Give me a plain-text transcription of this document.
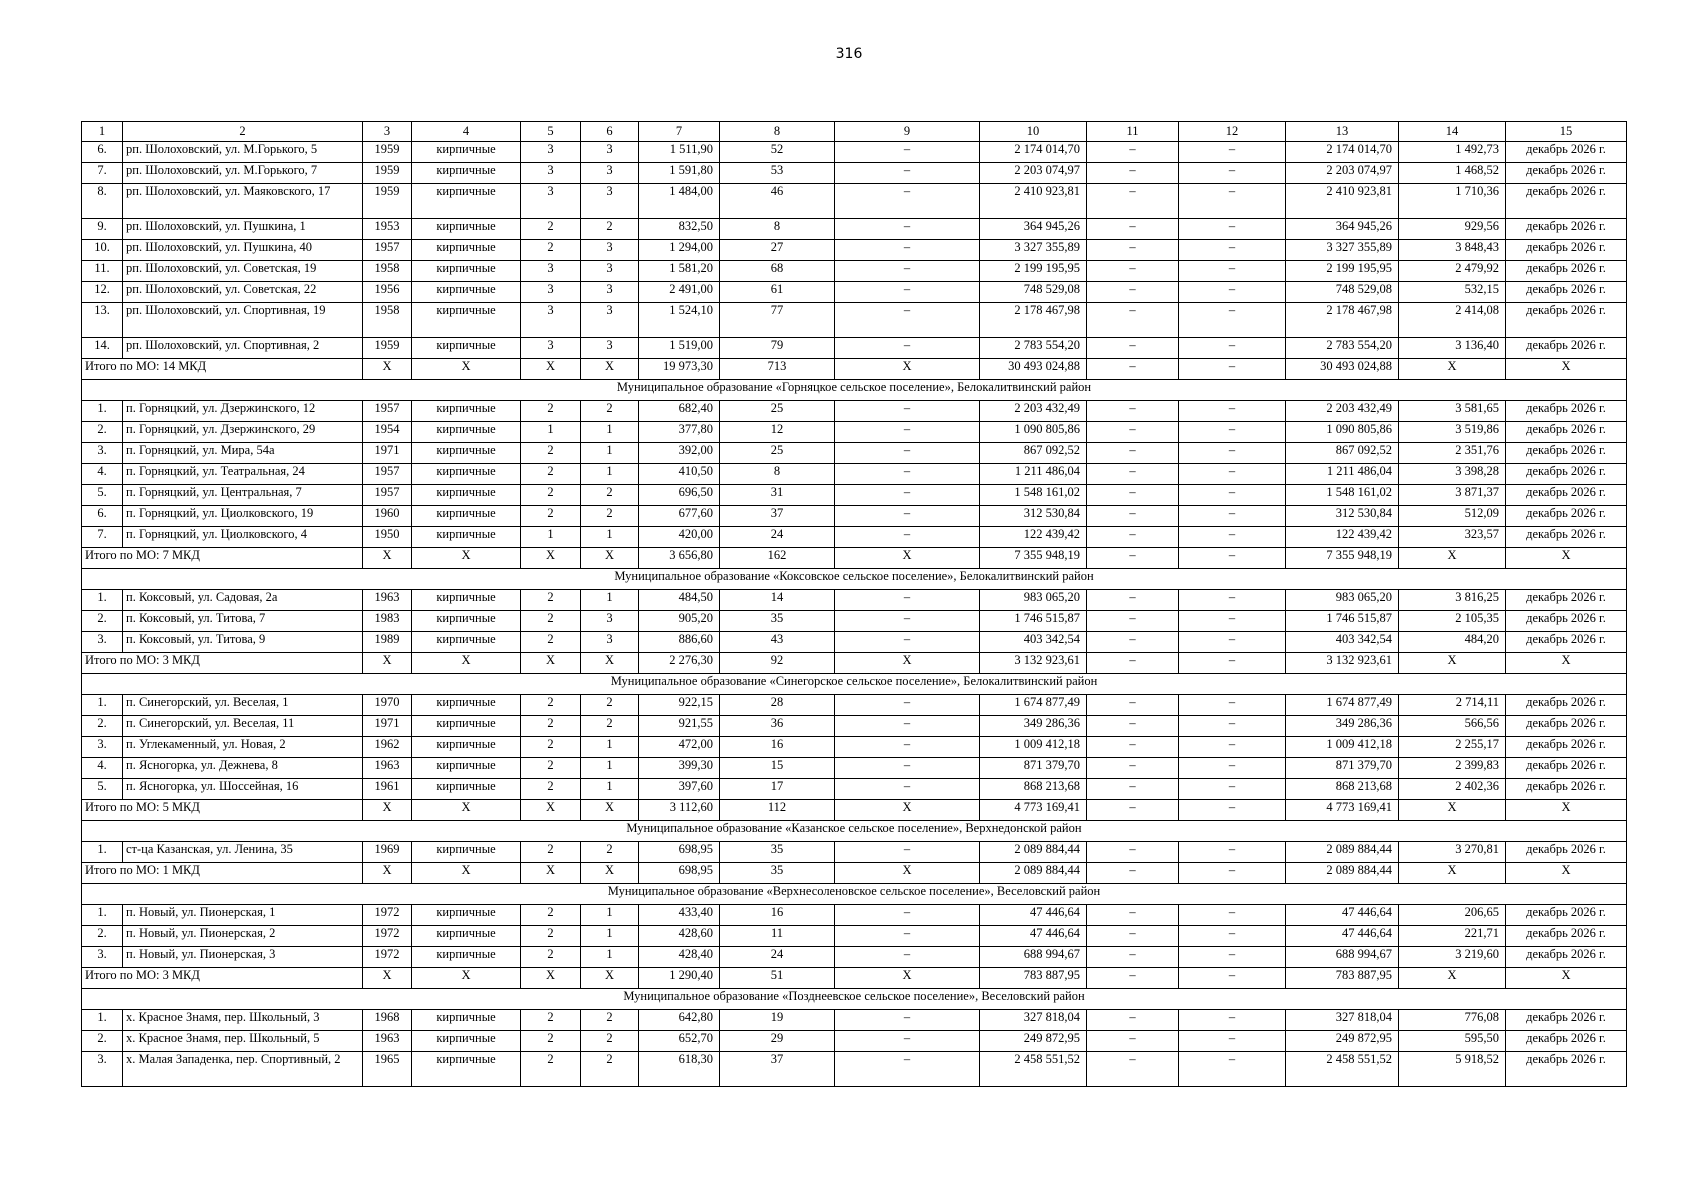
316
1	2	3	4	5	6	7	8	9	10	11	12	13	14	15
6.	рп. Шолоховский, ул. М.Горького, 5	1959	кирпичные	3	3	1 511,90	52	–	2 174 014,70	–	–	2 174 014,70	1 492,73	декабрь 2026 г.
7.	рп. Шолоховский, ул. М.Горького, 7	1959	кирпичные	3	3	1 591,80	53	–	2 203 074,97	–	–	2 203 074,97	1 468,52	декабрь 2026 г.
8.	рп. Шолоховский, ул. Маяковского, 17	1959	кирпичные	3	3	1 484,00	46	–	2 410 923,81	–	–	2 410 923,81	1 710,36	декабрь 2026 г.
9.	рп. Шолоховский, ул. Пушкина, 1	1953	кирпичные	2	2	832,50	8	–	364 945,26	–	–	364 945,26	929,56	декабрь 2026 г.
10.	рп. Шолоховский, ул. Пушкина, 40	1957	кирпичные	2	3	1 294,00	27	–	3 327 355,89	–	–	3 327 355,89	3 848,43	декабрь 2026 г.
11.	рп. Шолоховский, ул. Советская, 19	1958	кирпичные	3	3	1 581,20	68	–	2 199 195,95	–	–	2 199 195,95	2 479,92	декабрь 2026 г.
12.	рп. Шолоховский, ул. Советская, 22	1956	кирпичные	3	3	2 491,00	61	–	748 529,08	–	–	748 529,08	532,15	декабрь 2026 г.
13.	рп. Шолоховский, ул. Спортивная, 19	1958	кирпичные	3	3	1 524,10	77	–	2 178 467,98	–	–	2 178 467,98	2 414,08	декабрь 2026 г.
14.	рп. Шолоховский, ул. Спортивная, 2	1959	кирпичные	3	3	1 519,00	79	–	2 783 554,20	–	–	2 783 554,20	3 136,40	декабрь 2026 г.
Итого по МО: 14 МКД		X	X	X	X	19 973,30	713	X	30 493 024,88	–	–	30 493 024,88	X	X
Муниципальное образование «Горняцкое сельское поселение», Белокалитвинский район														
1.	п. Горняцкий, ул. Дзержинского, 12	1957	кирпичные	2	2	682,40	25	–	2 203 432,49	–	–	2 203 432,49	3 581,65	декабрь 2026 г.
2.	п. Горняцкий, ул. Дзержинского, 29	1954	кирпичные	1	1	377,80	12	–	1 090 805,86	–	–	1 090 805,86	3 519,86	декабрь 2026 г.
3.	п. Горняцкий, ул. Мира, 54а	1971	кирпичные	2	1	392,00	25	–	867 092,52	–	–	867 092,52	2 351,76	декабрь 2026 г.
4.	п. Горняцкий, ул. Театральная, 24	1957	кирпичные	2	1	410,50	8	–	1 211 486,04	–	–	1 211 486,04	3 398,28	декабрь 2026 г.
5.	п. Горняцкий, ул. Центральная, 7	1957	кирпичные	2	2	696,50	31	–	1 548 161,02	–	–	1 548 161,02	3 871,37	декабрь 2026 г.
6.	п. Горняцкий, ул. Циолковского, 19	1960	кирпичные	2	2	677,60	37	–	312 530,84	–	–	312 530,84	512,09	декабрь 2026 г.
7.	п. Горняцкий, ул. Циолковского, 4	1950	кирпичные	1	1	420,00	24	–	122 439,42	–	–	122 439,42	323,57	декабрь 2026 г.
Итого по МО: 7 МКД		X	X	X	X	3 656,80	162	X	7 355 948,19	–	–	7 355 948,19	X	X
Муниципальное образование «Коксовское сельское поселение», Белокалитвинский район														
1.	п. Коксовый, ул. Садовая, 2а	1963	кирпичные	2	1	484,50	14	–	983 065,20	–	–	983 065,20	3 816,25	декабрь 2026 г.
2.	п. Коксовый, ул. Титова, 7	1983	кирпичные	2	3	905,20	35	–	1 746 515,87	–	–	1 746 515,87	2 105,35	декабрь 2026 г.
3.	п. Коксовый, ул. Титова, 9	1989	кирпичные	2	3	886,60	43	–	403 342,54	–	–	403 342,54	484,20	декабрь 2026 г.
Итого по МО: 3 МКД		X	X	X	X	2 276,30	92	X	3 132 923,61	–	–	3 132 923,61	X	X
Муниципальное образование «Синегорское сельское поселение», Белокалитвинский район														
1.	п. Синегорский, ул. Веселая, 1	1970	кирпичные	2	2	922,15	28	–	1 674 877,49	–	–	1 674 877,49	2 714,11	декабрь 2026 г.
2.	п. Синегорский, ул. Веселая, 11	1971	кирпичные	2	2	921,55	36	–	349 286,36	–	–	349 286,36	566,56	декабрь 2026 г.
3.	п. Углекаменный, ул. Новая, 2	1962	кирпичные	2	1	472,00	16	–	1 009 412,18	–	–	1 009 412,18	2 255,17	декабрь 2026 г.
4.	п. Ясногорка, ул. Дежнева, 8	1963	кирпичные	2	1	399,30	15	–	871 379,70	–	–	871 379,70	2 399,83	декабрь 2026 г.
5.	п. Ясногорка, ул. Шоссейная, 16	1961	кирпичные	2	1	397,60	17	–	868 213,68	–	–	868 213,68	2 402,36	декабрь 2026 г.
Итого по МО: 5 МКД		X	X	X	X	3 112,60	112	X	4 773 169,41	–	–	4 773 169,41	X	X
Муниципальное образование «Казанское сельское поселение», Верхнедонской район														
1.	ст-ца Казанская, ул. Ленина, 35	1969	кирпичные	2	2	698,95	35	–	2 089 884,44	–	–	2 089 884,44	3 270,81	декабрь 2026 г.
Итого по МО: 1 МКД		X	X	X	X	698,95	35	X	2 089 884,44	–	–	2 089 884,44	X	X
Муниципальное образование «Верхнесоленовское сельское поселение», Веселовский район														
1.	п. Новый, ул. Пионерская, 1	1972	кирпичные	2	1	433,40	16	–	47 446,64	–	–	47 446,64	206,65	декабрь 2026 г.
2.	п. Новый, ул. Пионерская, 2	1972	кирпичные	2	1	428,60	11	–	47 446,64	–	–	47 446,64	221,71	декабрь 2026 г.
3.	п. Новый, ул. Пионерская, 3	1972	кирпичные	2	1	428,40	24	–	688 994,67	–	–	688 994,67	3 219,60	декабрь 2026 г.
Итого по МО: 3 МКД		X	X	X	X	1 290,40	51	X	783 887,95	–	–	783 887,95	X	X
Муниципальное образование «Позднеевское сельское поселение», Веселовский район														
1.	х. Красное Знамя, пер. Школьный, 3	1968	кирпичные	2	2	642,80	19	–	327 818,04	–	–	327 818,04	776,08	декабрь 2026 г.
2.	х. Красное Знамя, пер. Школьный, 5	1963	кирпичные	2	2	652,70	29	–	249 872,95	–	–	249 872,95	595,50	декабрь 2026 г.
3.	х. Малая Западенка, пер. Спортивный, 2	1965	кирпичные	2	2	618,30	37	–	2 458 551,52	–	–	2 458 551,52	5 918,52	декабрь 2026 г.
